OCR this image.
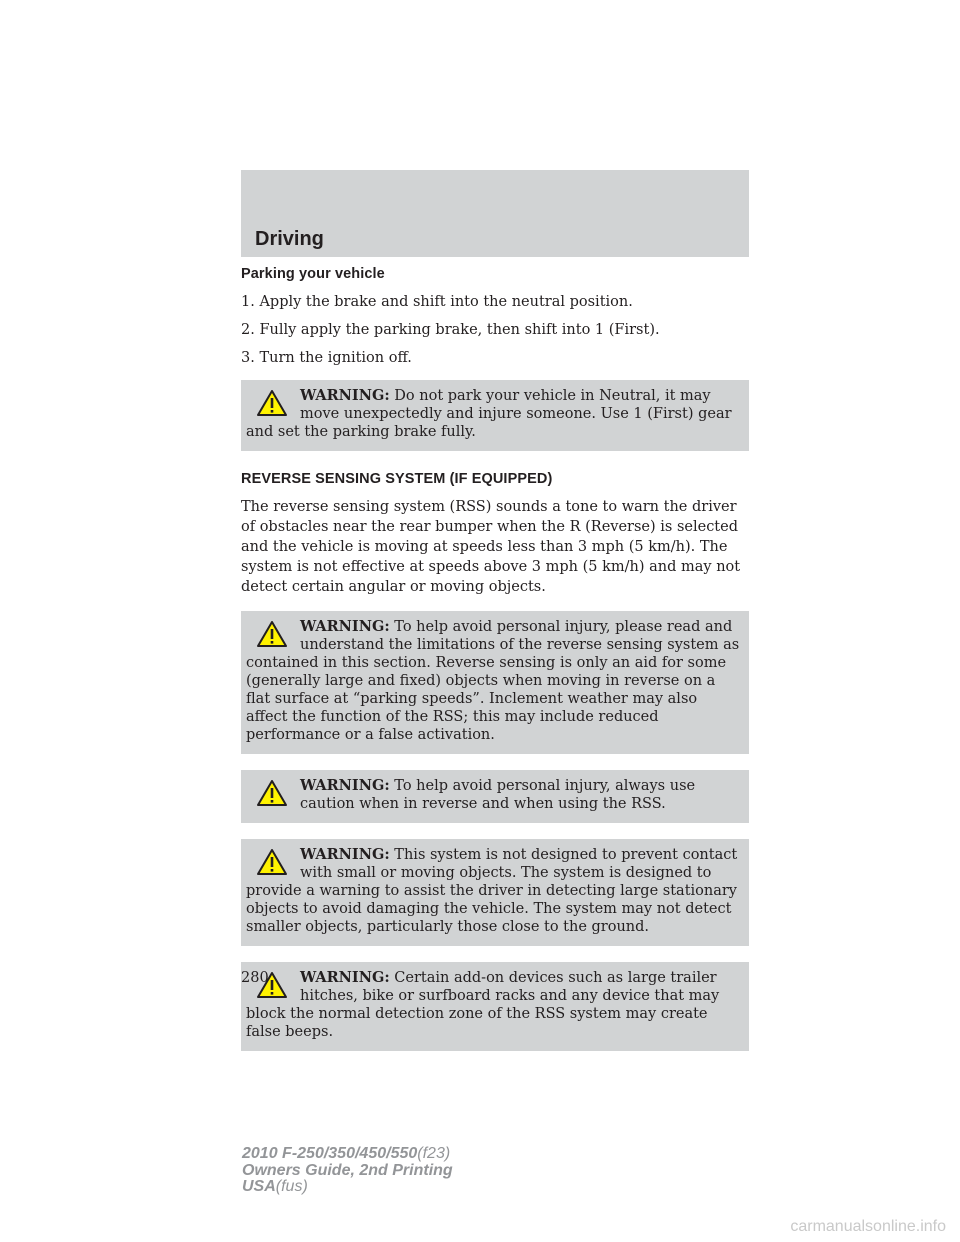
Driving
Parking your vehicle
1. Apply the brake and shift into the neutral position.
2. Fully apply the parking brake, then shift into 1 (First).
3. Turn the ignition off.
WARNING: Do not park your vehicle in Neutral, it may move unexpectedly and injure someone. Use 1 (First) gear and set the parking brake fully.
REVERSE SENSING SYSTEM (IF EQUIPPED)
The reverse sensing system (RSS) sounds a tone to warn the driver of obstacles near the rear bumper when the R (Reverse) is selected and the vehicle is moving at speeds less than 3 mph (5 km/h). The system is not effective at speeds above 3 mph (5 km/h) and may not detect certain angular or moving objects.
WARNING: To help avoid personal injury, please read and understand the limitations of the reverse sensing system as contained in this section. Reverse sensing is only an aid for some (generally large and fixed) objects when moving in reverse on a flat surface at “parking speeds”. Inclement weather may also affect the function of the RSS; this may include reduced performance or a false activation.
WARNING: To help avoid personal injury, always use caution when in reverse and when using the RSS.
WARNING: This system is not designed to prevent contact with small or moving objects. The system is designed to provide a warning to assist the driver in detecting large stationary objects to avoid damaging the vehicle. The system may not detect smaller objects, particularly those close to the ground.
WARNING: Certain add-on devices such as large trailer hitches, bike or surfboard racks and any device that may block the normal detection zone of the RSS system may create false beeps.
280
2010 F-250/350/450/550(f23)
Owners Guide, 2nd Printing
USA(fus)
carmanualsonline.info
